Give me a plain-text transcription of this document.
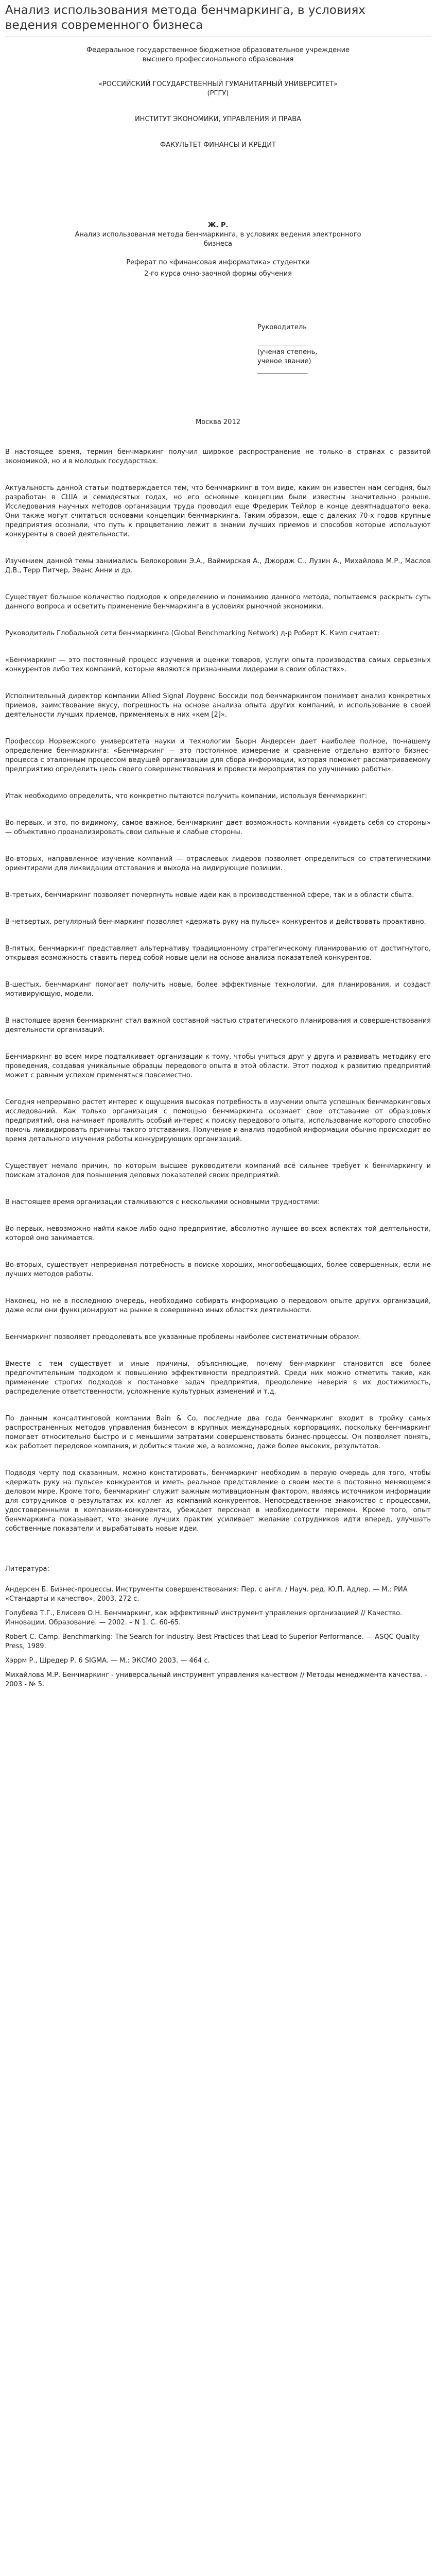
Анализ использования метода бенчмаркинга, в условиях ведения современного бизнеса
Федеральное государственное бюджетное образовательное учреждение высшего профессионального образования
«РОССИЙСКИЙ ГОСУДАРСТВЕННЫЙ ГУМАНИТАРНЫЙ УНИВЕРСИТЕТ»
(РГГУ)
ИНСТИТУТ ЭКОНОМИКИ, УПРАВЛЕНИЯ И ПРАВА
ФАКУЛЬТЕТ ФИНАНСЫ И КРЕДИТ
Ж. Р.
Анализ использования метода бенчмаркинга, в условиях ведения электронного бизнеса
Реферат по «финансовая информатика» студентки
2-го курса очно-заочной формы обучения
Руководитель
_______________
(ученая степень, ученое звание)
_______________
Москва 2012

В настоящее время, термин бенчмаркинг получил широкое распространение не только в странах с развитой экономикой, но и в молодых государствах.

Актуальность данной статьи подтверждается тем, что бенчмаркинг в том виде, каким он известен нам сегодня, был разработан в США и семидесятых годах, но его основные концепции были известны значительно раньше. Исследования научных методов организации труда проводил еще Фредерик Тейлор в конце девятнадцатого века. Они также могут считаться основами концепции бенчмаркинга. Таким образом, еще с далеких 70-х годов крупные предприятия осознали, что путь к процветанию лежит в знании лучших приемов и способов которые используют конкуренты в своей деятельности.

Изучением данной темы занимались Белокоровин Э.А., Ваймирская А., Джордж С., Лузин А., Михайлова М.Р., Маслов Д.В., Терр Питчер, Эванс Анни и др.

Существует большое количество подходов к определению и пониманию данного метода, попытаемся раскрыть суть данного вопроса и осветить применение бенчмаркинга в условиях рыночной экономики.

Руководитель Глобальной сети бенчмаркинга (Global Benchmarking Network) д-р Роберт К. Кэмп считает:

«Бенчмаркинг — это постоянный процесс изучения и оценки товаров, услуги опыта производства самых серьезных конкурентов либо тех компаний, которые являются признанными лидерами в своих областях».

Исполнительный директор компании Allied Signal Лоуренс Боссиди под бенчмаркингом понимает анализ конкретных приемов, заимствование вкусу, погрешность на основе анализа опыта других компаний, и использование в своей деятельности лучших приемов, применяемых в них «кем [2]».

Профессор Норвежского университета науки и технологии Бьорн Андерсен дает наиболее полное, по-нашему определение бенчмаркинга: «Бенчмаркинг — это постоянное измерение и сравнение отдельно взятого бизнес-процесса с эталонным процессом ведущей организации для сбора информации, которая поможет рассматриваемому предприятию определить цель своего совершенствования и провести мероприятия по улучшению работы».

Итак необходимо определить, что конкретно пытаются получить компании, используя бенчмаркинг:

Во-первых, и это, по-видимому, самое важное, бенчмаркинг дает возможность компании «увидеть себя со стороны» — объективно проанализировать свои сильные и слабые стороны.

Во-вторых, направленное изучение компаний — отраслевых лидеров позволяет определиться со стратегическими ориентирами для ликвидации отставания и выхода на лидирующие позиции.

В-третьих, бенчмаркинг позволяет почерпнуть новые идеи как в производственной сфере, так и в области сбыта.

В-четвертых, регулярный бенчмаркинг позволяет «держать руку на пульсе» конкурентов и действовать проактивно.

В-пятых, бенчмаркинг представляет альтернативу традиционному стратегическому планированию от достигнутого, открывая возможность ставить перед собой новые цели на основе анализа показателей конкурентов.

В-шестых, бенчмаркинг помогает получить новые, более эффективные технологии, для планирования, и создаст мотивирующую, модели.

В настоящее время бенчмаркинг стал важной составной частью стратегического планирования и совершенствования деятельности организаций.

Бенчмаркинг во всем мире подталкивает организации к тому, чтобы учиться друг у друга и развивать методику его проведения, создавая уникальные образцы передового опыта в этой области. Этот подход к развитию предприятий может с равным успехом применяться повсеместно.

Сегодня непрерывно растет интерес к ощущения высокая потребность в изучении опыта успешных бенчмаркинговых исследований. Как только организация с помощью бенчмаркинга осознает свое отставание от образцовых предприятий, она начинает проявлять особый интерес к поиску передового опыта, использование которого способно помочь ликвидировать причины такого отставания. Получение и анализ подобной информации обычно происходит во время детального изучения работы конкурирующих организаций.

Существует немало причин, по которым высшее руководители компаний всё сильнее требует к бенчмаркингу и поискам эталонов для повышения деловых показателей своих предприятий.

В настоящее время организации сталкиваются с несколькими основными трудностями:

Во-первых, невозможно найти какое-либо одно предприятие, абсолютно лучшее во всех аспектах той деятельности, которой оно занимается.

Во-вторых, существует непреривная потребность в поиске хороших, многообещающих, более совершенных, если не лучших методов работы.

Наконец, но не в последнюю очередь, необходимо собирать информацию о передовом опыте других организаций, даже если они функционируют на рынке в совершенно иных областях деятельности.

Бенчмаркинг позволяет преодолевать все указанные проблемы наиболее систематичным образом.

Вместе с тем существует и иные причины, объясняющие, почему бенчмаркинг становится все более предпочтительным подходом к повышению эффективности предприятий. Среди них можно отметить такие, как применение строгих подходов к постановке задач предприятия, преодоление неверия в их достижимость, распределение ответственности, усложнение культурных изменений и т.д.

По данным консалтинговой компании Bain & Co, последние два года бенчмаркинг входит в тройку самых распространенных методов управления бизнесом в крупных международных корпорациях, поскольку бенчмаркинг помогает относительно быстро и с меньшими затратами совершенствовать бизнес-процессы. Он позволяет понять, как работает передовое компания, и добиться такие же, а возможно, даже более высоких, результатов.

Подводя черту под сказанным, можно констатировать, бенчмаркинг необходим в первую очередь для того, чтобы «держать руку на пульсе» конкурентов и иметь реальное представление о своем месте в постоянно меняющемся деловом мире. Кроме того, бенчмаркинг служит важным мотивационным фактором, являясь источником информации для сотрудников о результатах их коллег из компаний-конкурентов. Непосредственное знакомство с процессами, удостоверенными в компаниях-конкурентах, убеждает персонал в необходимости перемен. Кроме того, опыт бенчмаркинга показывает, что знание лучших практик усиливает желание сотрудников идти вперед, улучшать собственные показатели и вырабатывать новые идеи.

Литература:

Андерсен Б. Бизнес-процессы. Инструменты совершенствования: Пер. с англ. / Науч. ред. Ю.П. Адлер. — М.: РИА «Стандарты и качество», 2003, 272 с.

Голубева Т.Г., Елисеев О.Н. Бенчмаркинг, как эффективный инструмент управления организацией // Качество. Инновации. Образование. — 2002. – N 1. С. 60-65.

Robert C. Camp. Benchmarking: The Search for Industry. Best Practices that Lead to Superior Performance. — ASQC Quality Press, 1989.

Хэррм Р., Шредер Р. 6 SIGMA. — М.: ЭКСМО 2003. — 464 с.

Михайлова М.Р. Бенчмаркинг - универсальный инструмент управления качеством // Методы менеджмента качества. - 2003 - № 5.
